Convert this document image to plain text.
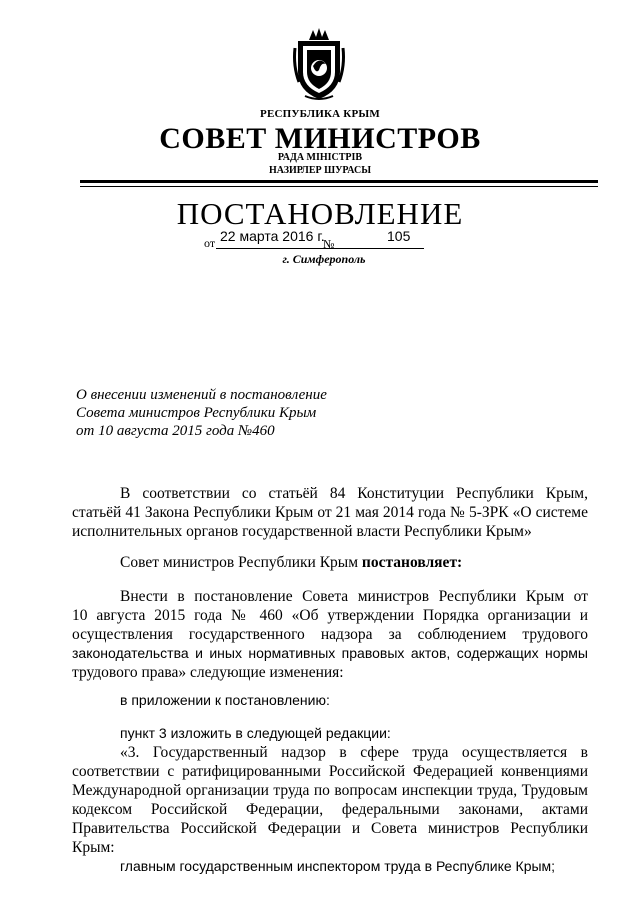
РЕСПУБЛИКА КРЫМ
СОВЕТ МИНИСТРОВ
РАДА МІНІСТРІВ
НАЗИРЛЕР ШУРАСЫ
ПОСТАНОВЛЕНИЕ
от 22 марта 2016 г.
№	105
г. Симферополь
О внесении изменений в постановление
Совета министров Республики Крым
от 10 августа 2015 года №460
В соответствии со статьёй 84 Конституции Республики Крым,
статьёй 41 Закона Республики Крым от 21 мая 2014 года № 5-ЗРК «О системе
исполнительных органов государственной власти Республики Крым»
Совет министров Республики Крым постановляет:
Внести в постановление Совета министров Республики Крым от
10 августа 2015 года № 460 «Об утверждении Порядка организации и
осуществления государственного надзора за соблюдением трудового
законодательства и иных нормативных правовых актов, содержащих нормы
трудового права» следующие изменения:
в приложении к постановлению:
пункт 3 изложить в следующей редакции:
«3. Государственный надзор в сфере труда осуществляется в
соответствии с ратифицированными Российской Федерацией конвенциями
Международной организации труда по вопросам инспекции труда, Трудовым
кодексом Российской Федерации, федеральными законами, актами
Правительства Российской Федерации и Совета министров Республики Крым:
главным государственным инспектором труда в Республике Крым;
